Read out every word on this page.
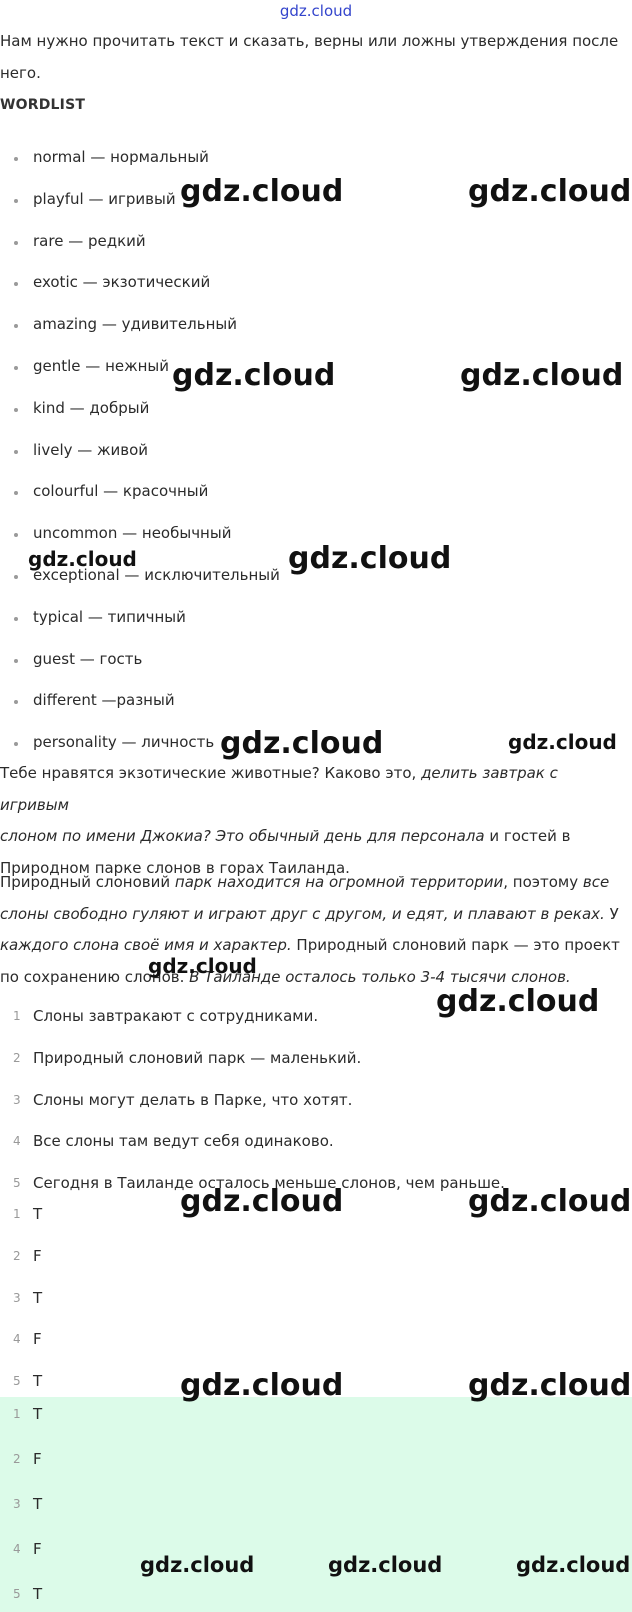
gdz.cloud
Нам нужно прочитать текст и сказать, верны или ложны утверждения после
него.
WORDLIST
normal — нормальный
playful — игривый
rare — редкий
exotic — экзотический
amazing — удивительный
gentle — нежный
kind — добрый
lively — живой
colourful — красочный
uncommon — необычный
exceptional — исключительный
typical — типичный
guest — гость
different —разный
personality — личность
Тебе нравятся экзотические животные? Каково это, делить завтрак с игривым
слоном по имени Джокиа? Это обычный день для персонала и гостей в
Природном парке слонов в горах Таиланда.
Природный слоновий парк находится на огромной территории, поэтому все
слоны свободно гуляют и играют друг с другом, и едят, и плавают в реках. У
каждого слона своё имя и характер. Природный слоновий парк — это проект
по сохранению слонов. В Таиланде осталось только 3-4 тысячи слонов.
1 Слоны завтракают с сотрудниками.
2 Природный слоновий парк — маленький.
3 Слоны могут делать в Парке, что хотят.
4 Все слоны там ведут себя одинаково.
5 Сегодня в Таиланде осталось меньше слонов, чем раньше.
1 T
2 F
3 T
4 F
5 T
1 T
2 F
3 T
4 F
5 T
gdz.cloud	gdz.cloud
gdz.cloud	gdz.cloud
gdz.cloud	gdz.cloud
gdz.cloud	gdz.cloud
gdz.cloud
gdz.cloud
gdz.cloud	gdz.cloud
gdz.cloud	gdz.cloud
gdz.cloud	gdz.cloud	gdz.cloud
